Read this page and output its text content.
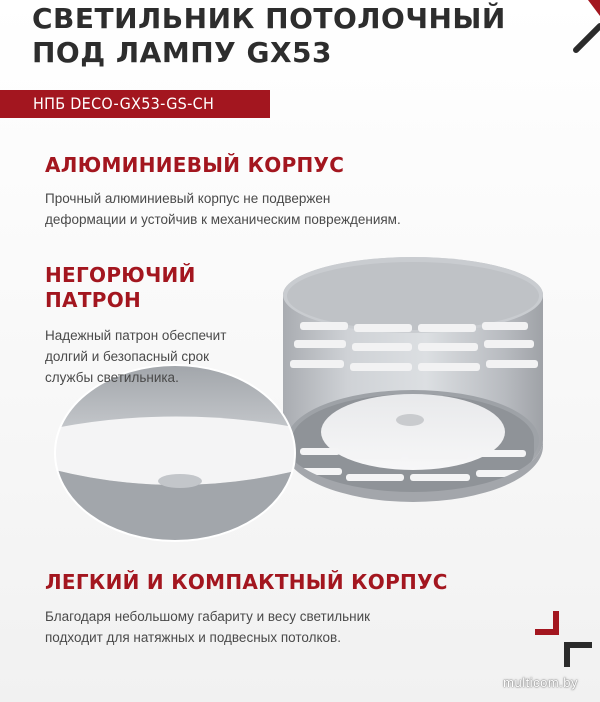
СВЕТИЛЬНИК ПОТОЛОЧНЫЙ
ПОД ЛАМПУ GX53
НПБ DECO-GX53-GS-CH
АЛЮМИНИЕВЫЙ КОРПУС

Прочный алюминиевый корпус не подвержен
деформации и устойчив к механическим повреждениям.

НЕГОРЮЧИЙ
ПАТРОН

Надежный патрон обеспечит
долгий и безопасный срок
службы светильника.

ЛЕГКИЙ И КОМПАКТНЫЙ КОРПУС

Благодаря небольшому габариту и весу светильник
подходит для натяжных и подвесных потолков.

multicom.by
